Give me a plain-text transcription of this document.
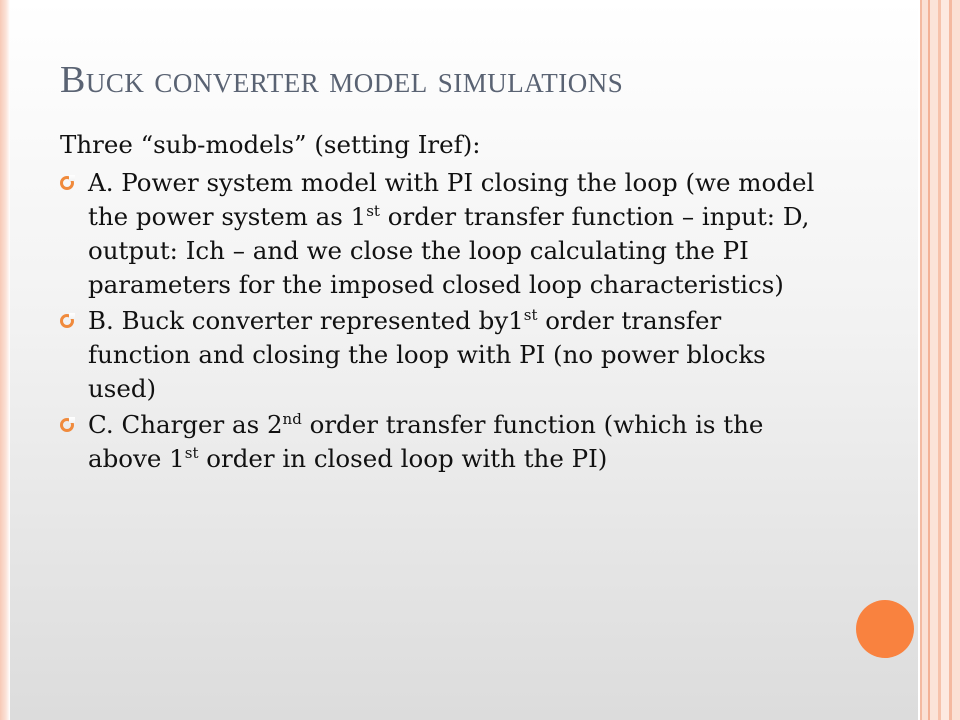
Buck converter model simulations

Three “sub-models” (setting Iref):

A. Power system model with PI closing the loop (we model the power system as 1st order transfer function – input: D, output: Ich – and we close the loop calculating the PI parameters for the imposed closed loop characteristics)
B. Buck converter represented by1st order transfer function and closing the loop with PI (no power blocks used)
C. Charger as 2nd order transfer function (which is the above 1st order in closed loop with the PI)
